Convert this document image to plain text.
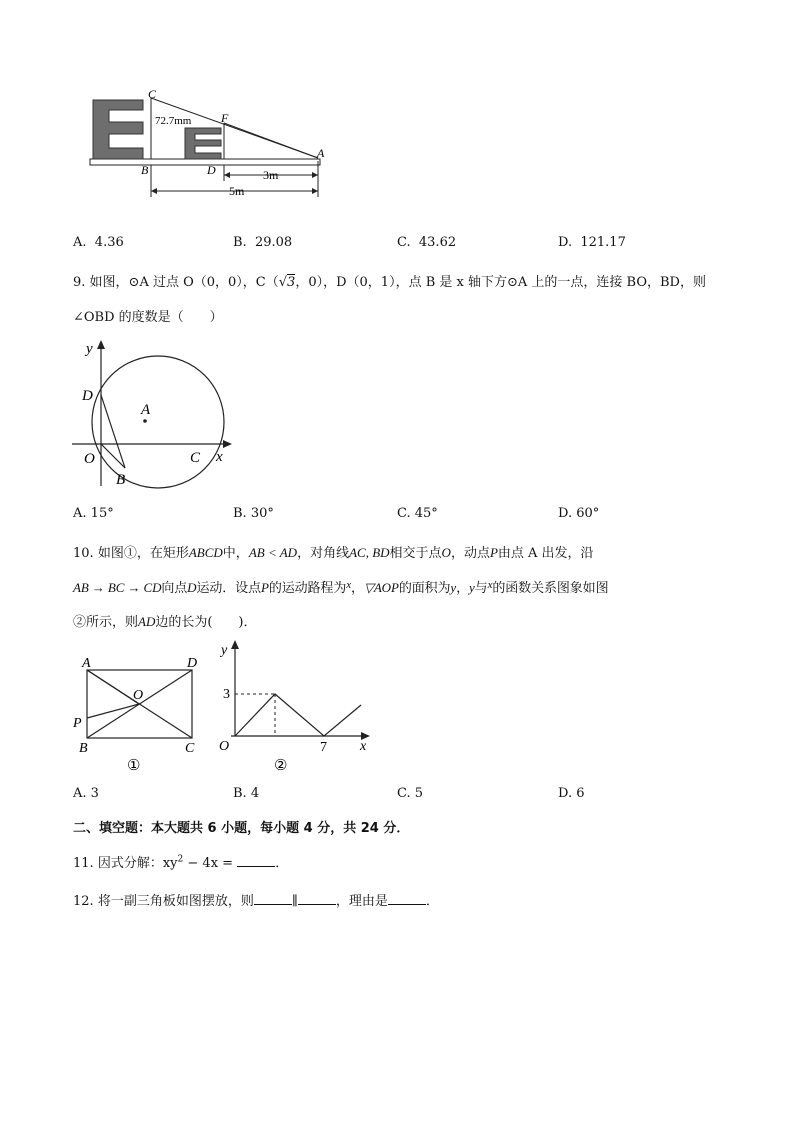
C
F
A
B	D
72.7mm
3m
5m
A. 4.36	B. 29.08	C. 43.62	D. 121.17
9. 如图，⊙A 过点 O（0，0），C（√3，0），D（0，1），点 B 是 x 轴下方⊙A 上的一点，连接 BO，BD，则
∠OBD 的度数是（　　）
y
D
A
O	C x
B
A. 15°	B. 30°	C. 45°	D. 60°
10. 如图①，在矩形ABCD中，AB < AD，对角线AC, BD相交于点O，动点P由点 A 出发，沿
AB → BC → CD向点D运动．设点P的运动路程为$^x$，▽AOP的面积为y，y与$^x$的函数关系图象如图
②所示，则AD边的长为(　　)．
A	D
O
P
B	C
①
y
3
O	7 x
②
A. 3	B. 4	C. 5	D. 6
二、填空题：本大题共 6 小题，每小题 4 分，共 24 分．
11. 因式分解：$xy^2 - 4x$ =	．
12. 将一副三角板如图摆放，则	∥	，理由是	．
